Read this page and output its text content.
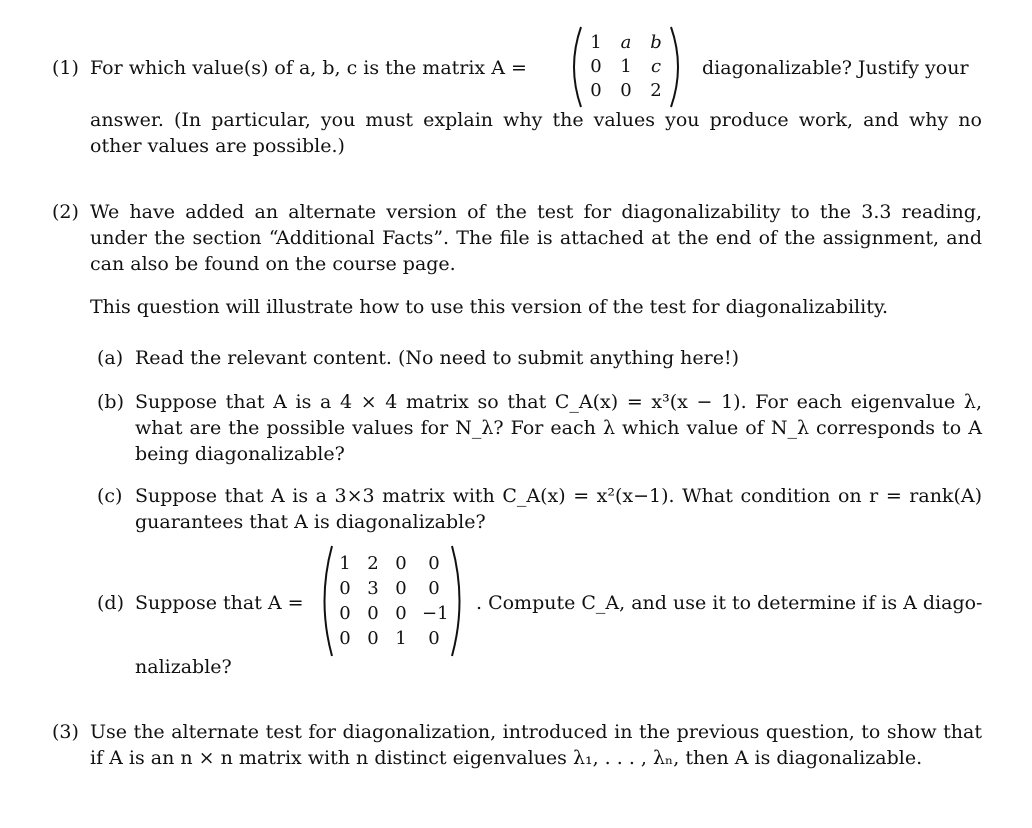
(1) For which value(s) of a, b, c is the matrix A =
1	a	b
0	1	c
0	0	2
diagonalizable? Justify your
answer. (In particular, you must explain why the values you produce work, and why no other values are possible.)
(2) We have added an alternate version of the test for diagonalizability to the 3.3 reading, under the section “Additional Facts”. The file is attached at the end of the assignment, and can also be found on the course page.
This question will illustrate how to use this version of the test for diagonalizability.
(a) Read the relevant content. (No need to submit anything here!)
(b) Suppose that A is a 4 × 4 matrix so that C_A(x) = x³(x − 1). For each eigenvalue λ, what are the possible values for N_λ? For each λ which value of N_λ corresponds to A being diagonalizable?
(c) Suppose that A is a 3×3 matrix with C_A(x) = x²(x−1). What condition on r = rank(A) guarantees that A is diagonalizable?
(d) Suppose that A =
1 2 0	0
0 3 0	0
0 0 0 −1
0 0 1	0
. Compute C_A, and use it to determine if is A diago-
nalizable?
(3) Use the alternate test for diagonalization, introduced in the previous question, to show that if A is an n × n matrix with n distinct eigenvalues λ₁, . . . , λₙ, then A is diagonalizable.
